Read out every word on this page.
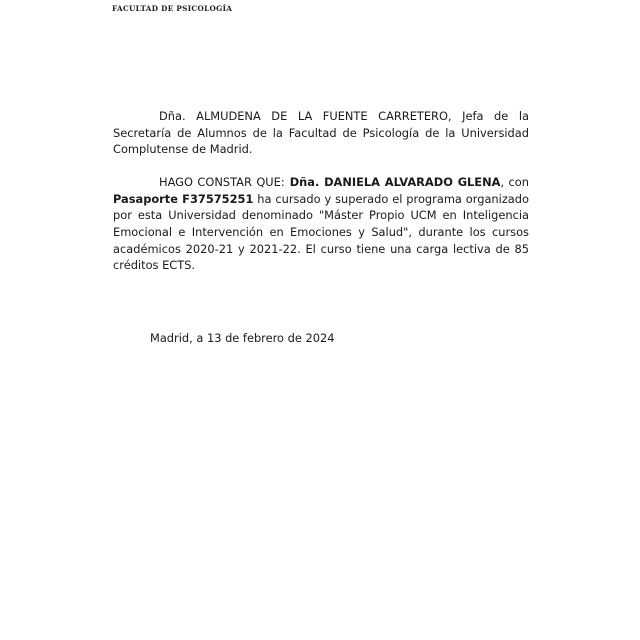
FACULTAD DE PSICOLOGÍA

Dña. ALMUDENA DE LA FUENTE CARRETERO, Jefa de la Secretaría de Alumnos de la Facultad de Psicología de la Universidad Complutense de Madrid.

HAGO CONSTAR QUE: Dña. DANIELA ALVARADO GLENA, con Pasaporte F37575251 ha cursado y superado el programa organizado por esta Universidad denominado "Máster Propio UCM en Inteligencia Emocional e Intervención en Emociones y Salud", durante los cursos académicos 2020-21 y 2021-22. El curso tiene una carga lectiva de 85 créditos ECTS.

Madrid, a 13 de febrero de 2024
